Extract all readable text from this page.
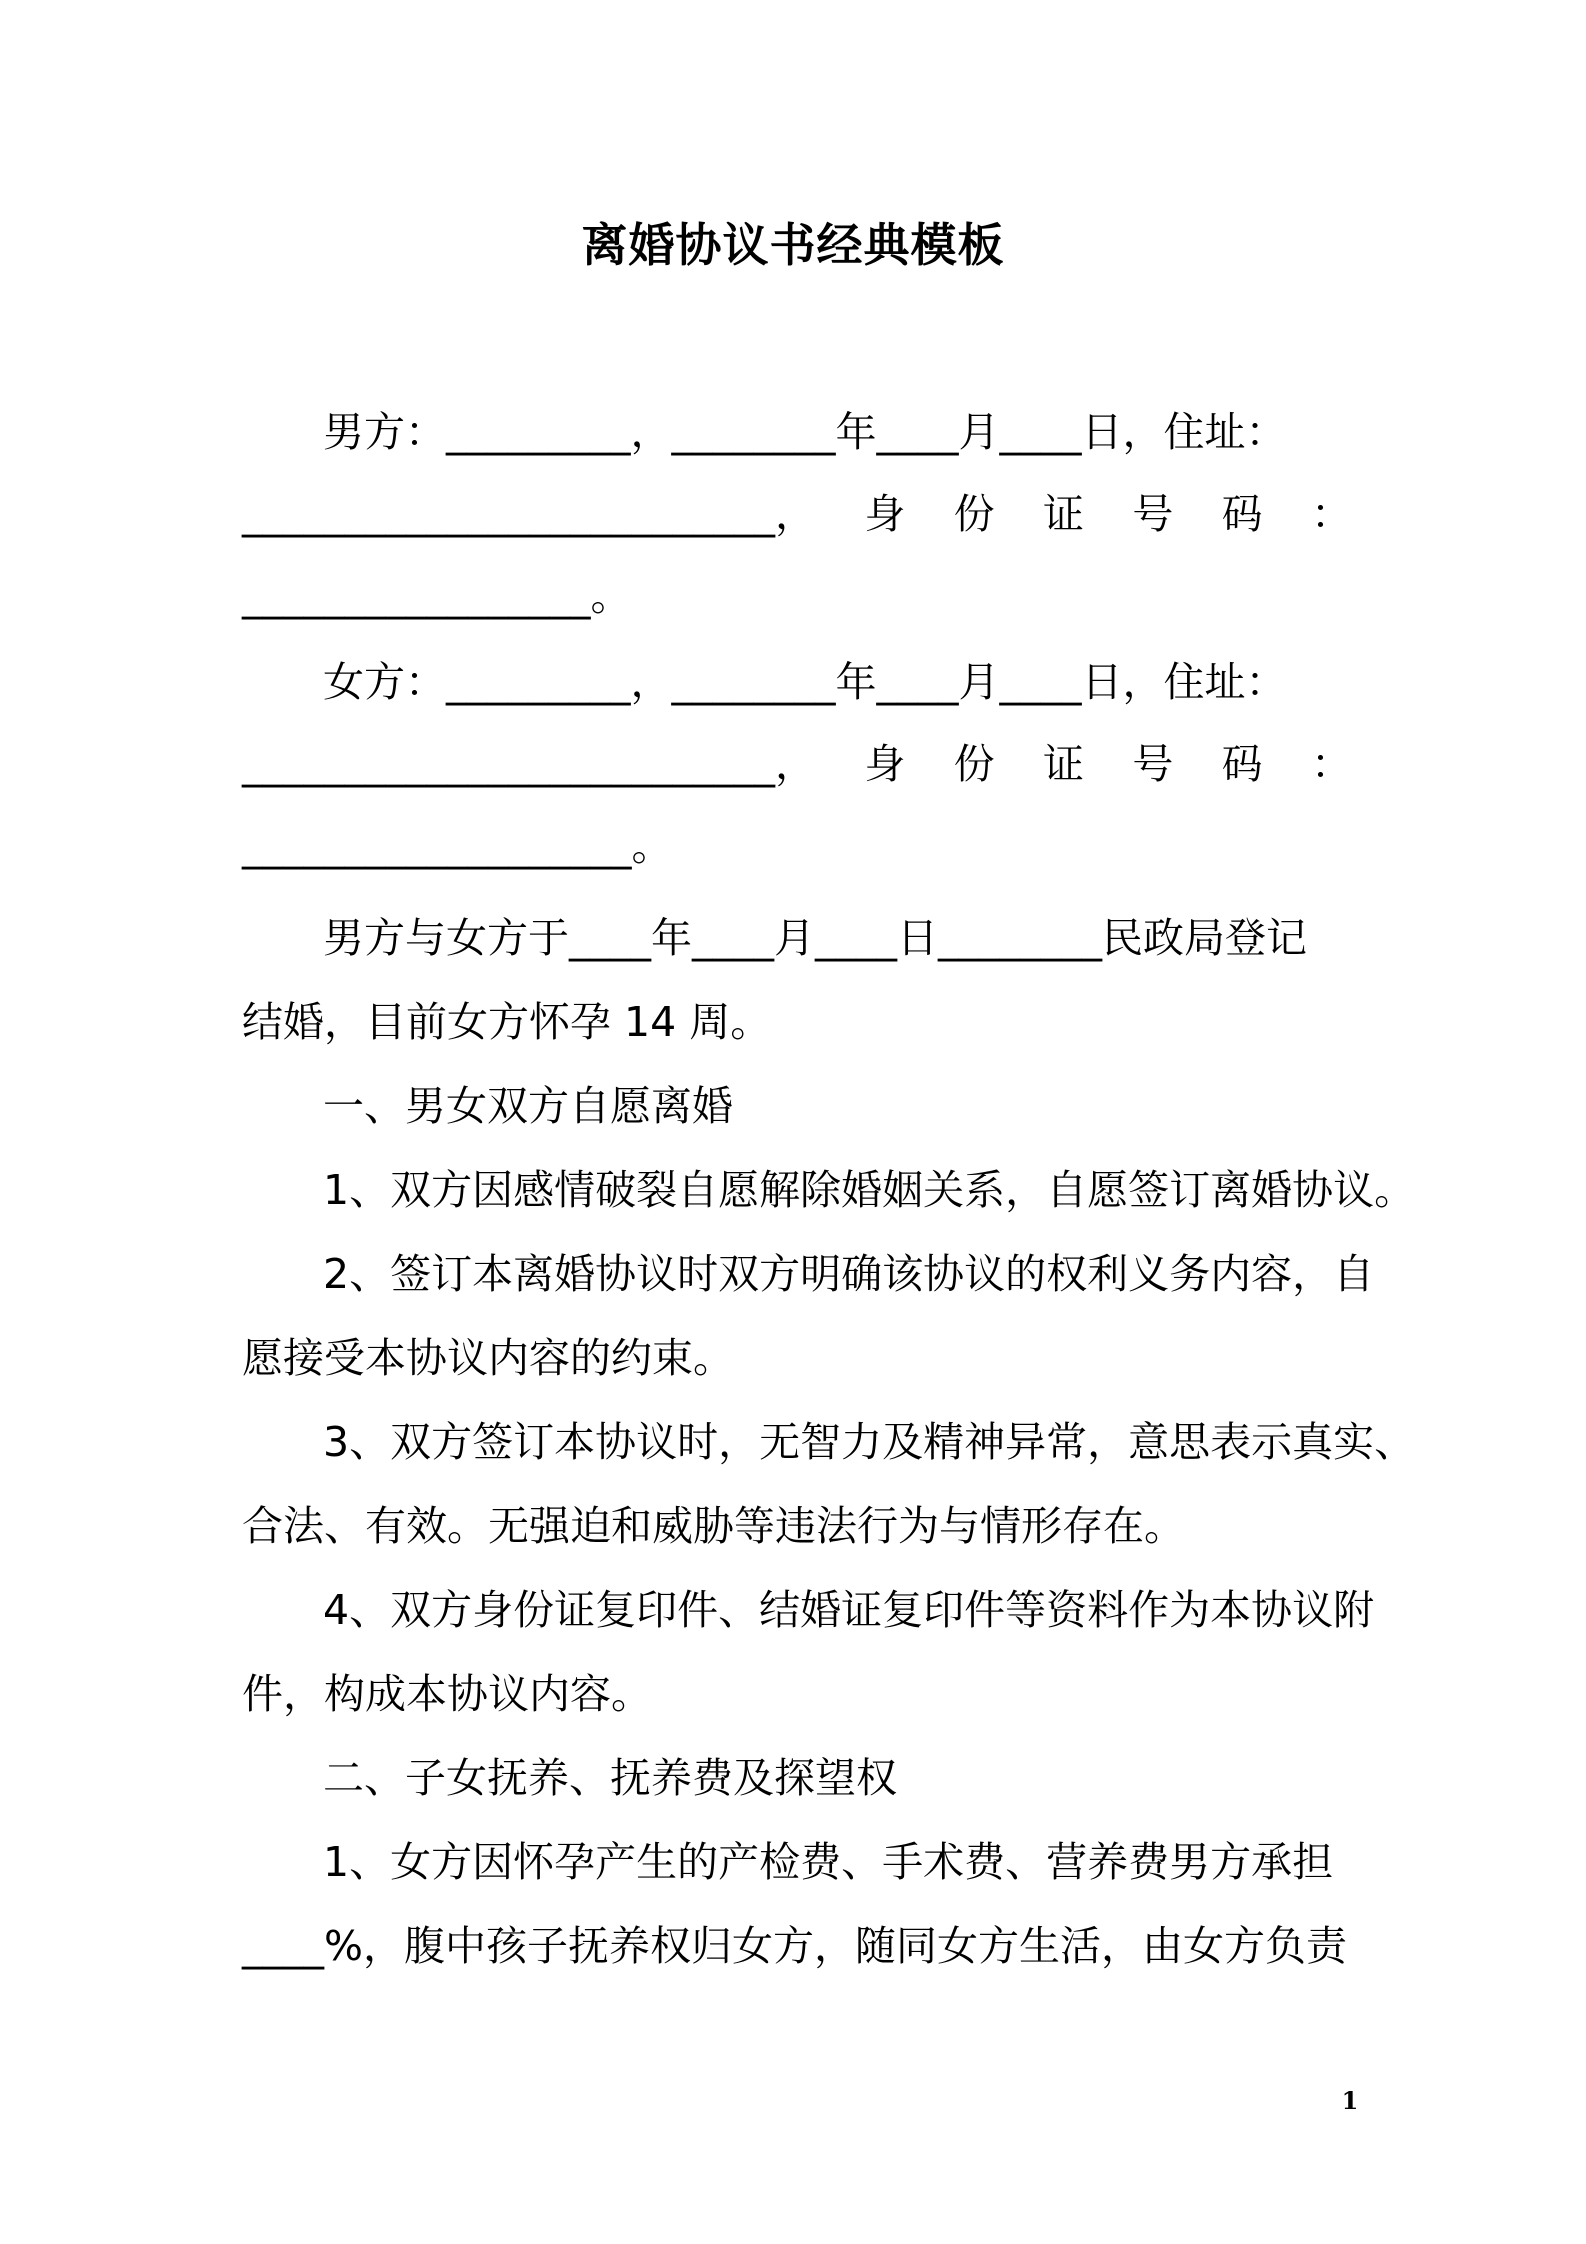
离婚协议书经典模板
男方：_________，________年____月____日，住址：
__________________________， 身 份 证 号 码 ：
_________________。
女方：_________，________年____月____日，住址：
__________________________， 身 份 证 号 码 ：
___________________。
男方与女方于____年____月____日________民政局登记
结婚，目前女方怀孕 14 周。
一、男女双方自愿离婚
1、双方因感情破裂自愿解除婚姻关系，自愿签订离婚协议。
2、签订本离婚协议时双方明确该协议的权利义务内容，自
愿接受本协议内容的约束。
3、双方签订本协议时，无智力及精神异常，意思表示真实、
合法、有效。无强迫和威胁等违法行为与情形存在。
4、双方身份证复印件、结婚证复印件等资料作为本协议附
件，构成本协议内容。
二、子女抚养、抚养费及探望权
1、女方因怀孕产生的产检费、手术费、营养费男方承担
____%，腹中孩子抚养权归女方，随同女方生活，由女方负责
1
